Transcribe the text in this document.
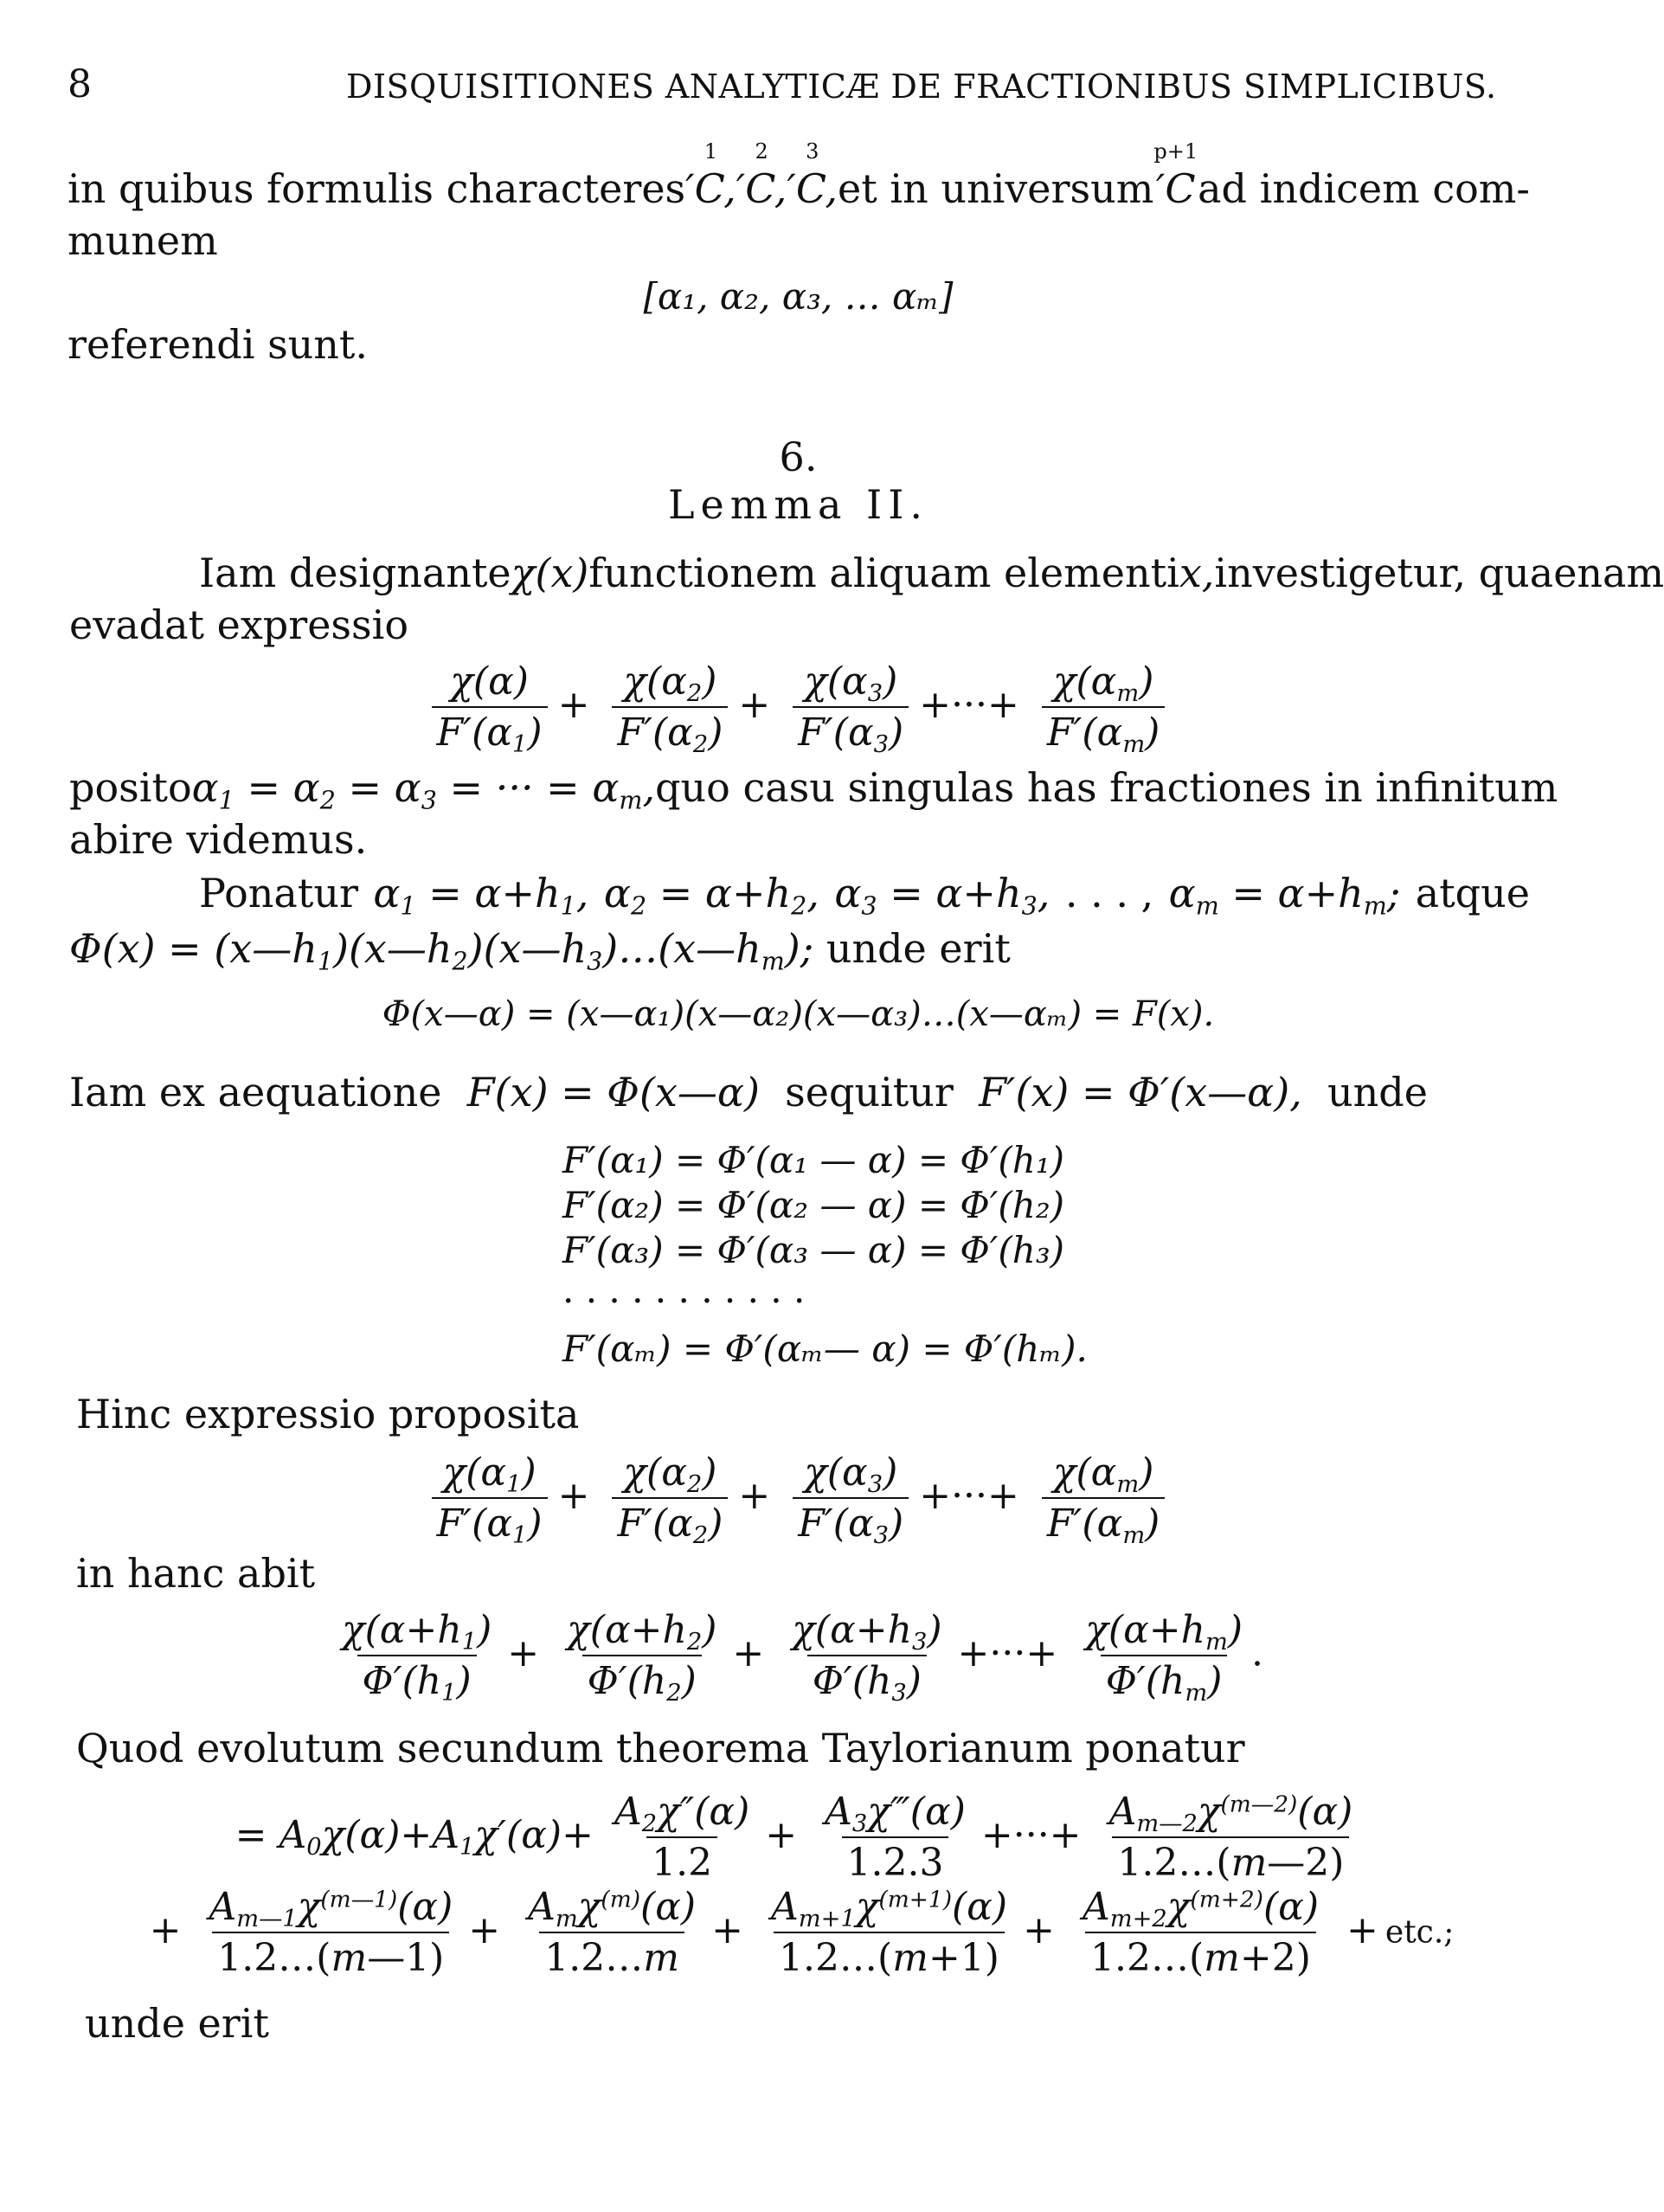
8	DISQUISITIONES ANALYTICÆ DE FRACTIONIBUS SIMPLICIBUS.
in quibus formulis characteres
1
′C,
2
′C,
3
′C, et in universum
p+1
′C ad indicem com-
munem
[α₁, α₂, α₃, … αₘ]
referendi sunt.
6.
Lemma II.
Iam designante χ(x) functionem aliquam elementi x, investigetur, quaenam
evadat expressio
$\frac{\chi(\alpha)}{F'(\alpha_1)} + \frac{\chi(\alpha_2)}{F'(\alpha_2)} + \frac{\chi(\alpha_3)}{F'(\alpha_3)}$ +···+ $\frac{\chi(\alpha_m)}{F'(\alpha_m)}$
posito $\alpha_1 = \alpha_2 = \alpha_3$ = ··· = $\alpha_m$, quo casu singulas has fractiones in infinitum
abire videmus.
Ponatur $\alpha_1 = \alpha+h_1$, $\alpha_2 = \alpha+h_2$, $\alpha_3 = \alpha+h_3$, . . . , $\alpha_m = \alpha+h_m$; atque
$\Phi(x) = (x—h_1)(x—h_2)(x—h_3)\dots(x—h_m)$; unde erit
Φ(x—α) = (x—α₁)(x—α₂)(x—α₃)…(x—αₘ) = F(x).
Iam ex aequatione  F(x) = Φ(x—α)  sequitur  F′(x) = Φ′(x—α),  unde
F′(α₁) = Φ′(α₁ — α) = Φ′(h₁)
F′(α₂) = Φ′(α₂ — α) = Φ′(h₂)
F′(α₃) = Φ′(α₃ — α) = Φ′(h₃)
. . . . . . . . . . .
F′(αₘ) = Φ′(αₘ— α) = Φ′(hₘ).
Hinc expressio proposita
$\frac{\chi(\alpha_1)}{F'(\alpha_1)} + \frac{\chi(\alpha_2)}{F'(\alpha_2)} + \frac{\chi(\alpha_3)}{F'(\alpha_3)}$ +···+ $\frac{\chi(\alpha_m)}{F'(\alpha_m)}$
in hanc abit
$\frac{\chi(\alpha+h_1)}{\Phi'(h_1)} + \frac{\chi(\alpha+h_2)}{\Phi'(h_2)} + \frac{\chi(\alpha+h_3)}{\Phi'(h_3)}$ +···+ $\frac{\chi(\alpha+h_m)}{\Phi'(h_m)}$ .
Quod evolutum secundum theorema Taylorianum ponatur
= $A_0\chi(\alpha)+A_1\chi'(\alpha)+ \frac{A_2\chi''(\alpha)}{1.2} + \frac{A_3\chi‴(\alpha)}{1.2.3}$ +···+ $\frac{A_{m—2}\chi^{(m—2)}(\alpha)}{1.2\dots(m—2)}$
+ $\frac{A_{m—1}\chi^{(m—1)}(\alpha)}{1.2\dots(m—1)} + \frac{A_m\chi^{(m)}(\alpha)}{1.2\dots m} + \frac{A_{m+1}\chi^{(m+1)}(\alpha)}{1.2\dots(m+1)} + \frac{A_{m+2}\chi^{(m+2)}(\alpha)}{1.2\dots(m+2)}$ + etc.;
unde erit
